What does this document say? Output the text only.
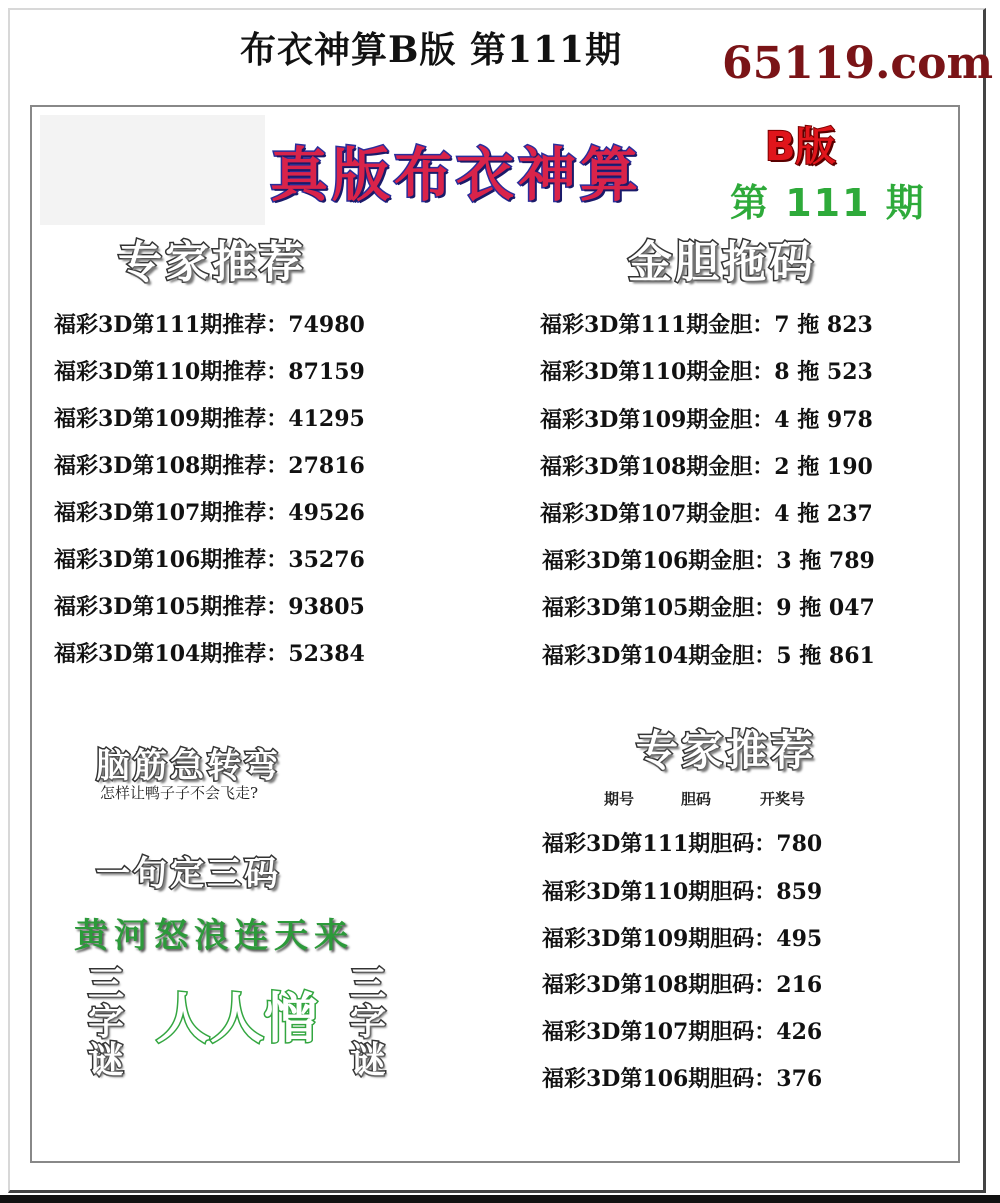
布衣神算B版 第111期 65119.com
真版布衣神算	B版
第 111 期
专家推荐
福彩3D第111期推荐：74980
福彩3D第110期推荐：87159
福彩3D第109期推荐：41295
福彩3D第108期推荐：27816
福彩3D第107期推荐：49526
福彩3D第106期推荐：35276
福彩3D第105期推荐：93805
福彩3D第104期推荐：52384
金胆拖码
福彩3D第111期金胆：7 拖 823
福彩3D第110期金胆：8 拖 523
福彩3D第109期金胆：4 拖 978
福彩3D第108期金胆：2 拖 190
福彩3D第107期金胆：4 拖 237
福彩3D第106期金胆：3 拖 789
福彩3D第105期金胆：9 拖 047
福彩3D第104期金胆：5 拖 861
脑筋急转弯
怎样让鸭子子不会飞走?
专家推荐
期号	胆码	开奖号
福彩3D第111期胆码：780
福彩3D第110期胆码：859
福彩3D第109期胆码：495
福彩3D第108期胆码：216
福彩3D第107期胆码：426
福彩3D第106期胆码：376
一句定三码
黄河怒浪连天来
三字谜
人人憎
三字谜
